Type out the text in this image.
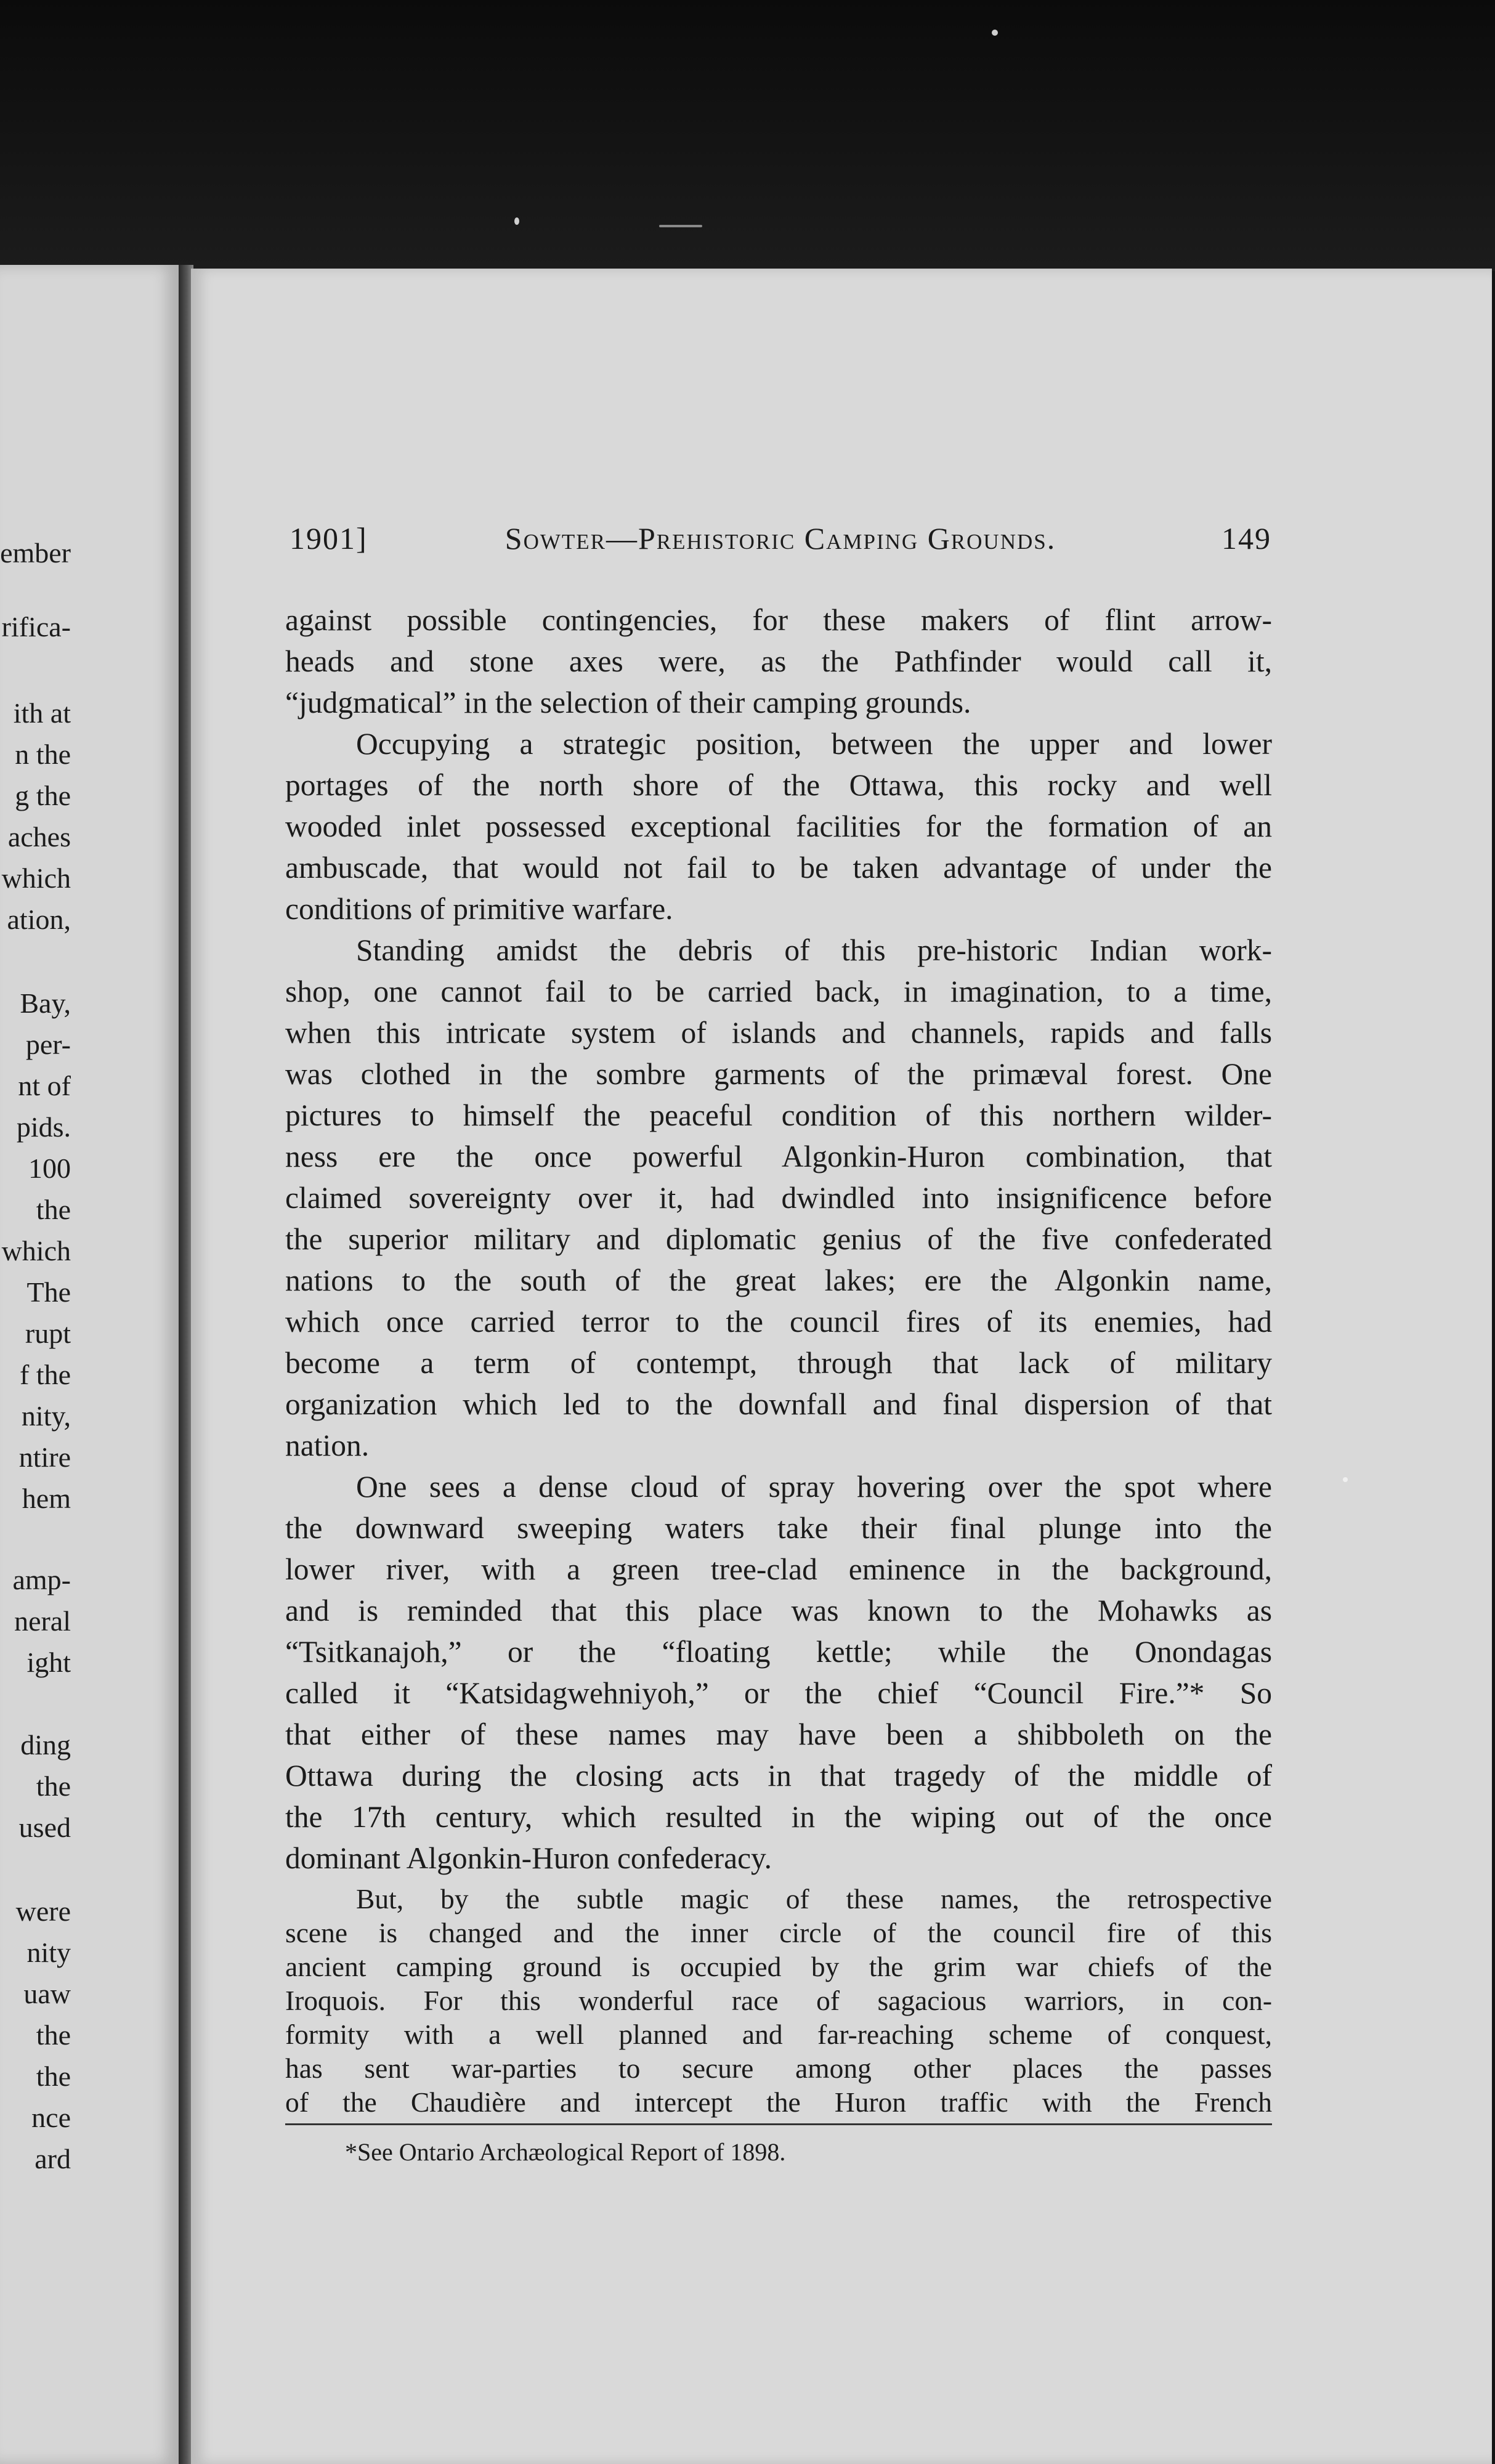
ember
rifica-
ith at
n the
g the
aches
which
ation,
Bay,
per-
nt of
pids.
100
the
which
The
rupt
f the
nity,
ntire
hem
amp-
neral
ight
ding
the
used
were
nity
uaw
the
the
nce
ard
1901]	Sowter—Prehistoric Camping Grounds.	149
against possible contingencies, for these makers of flint arrow-
heads and stone axes were, as the Pathfinder would call it,
“judgmatical” in the selection of their camping grounds.
Occupying a strategic position, between the upper and lower
portages of the north shore of the Ottawa, this rocky and well
wooded inlet possessed exceptional facilities for the formation of an
ambuscade, that would not fail to be taken advantage of under the
conditions of primitive warfare.
Standing amidst the debris of this pre-historic Indian work-
shop, one cannot fail to be carried back, in imagination, to a time,
when this intricate system of islands and channels, rapids and falls
was clothed in the sombre garments of the primæval forest. One
pictures to himself the peaceful condition of this northern wilder-
ness ere the once powerful Algonkin-Huron combination, that
claimed sovereignty over it, had dwindled into insignificence before
the superior military and diplomatic genius of the five confederated
nations to the south of the great lakes; ere the Algonkin name,
which once carried terror to the council fires of its enemies, had
become a term of contempt, through that lack of military
organization which led to the downfall and final dispersion of that
nation.
One sees a dense cloud of spray hovering over the spot where
the downward sweeping waters take their final plunge into the
lower river, with a green tree-clad eminence in the background,
and is reminded that this place was known to the Mohawks as
“Tsitkanajoh,” or the “floating kettle; while the Onondagas
called it “Katsidagwehniyoh,” or the chief “Council Fire.”* So
that either of these names may have been a shibboleth on the
Ottawa during the closing acts in that tragedy of the middle of
the 17th century, which resulted in the wiping out of the once
dominant Algonkin-Huron confederacy.
But, by the subtle magic of these names, the retrospective
scene is changed and the inner circle of the council fire of this
ancient camping ground is occupied by the grim war chiefs of the
Iroquois. For this wonderful race of sagacious warriors, in con-
formity with a well planned and far-reaching scheme of conquest,
has sent war-parties to secure among other places the passes
of the Chaudière and intercept the Huron traffic with the French
*See Ontario Archæological Report of 1898.
